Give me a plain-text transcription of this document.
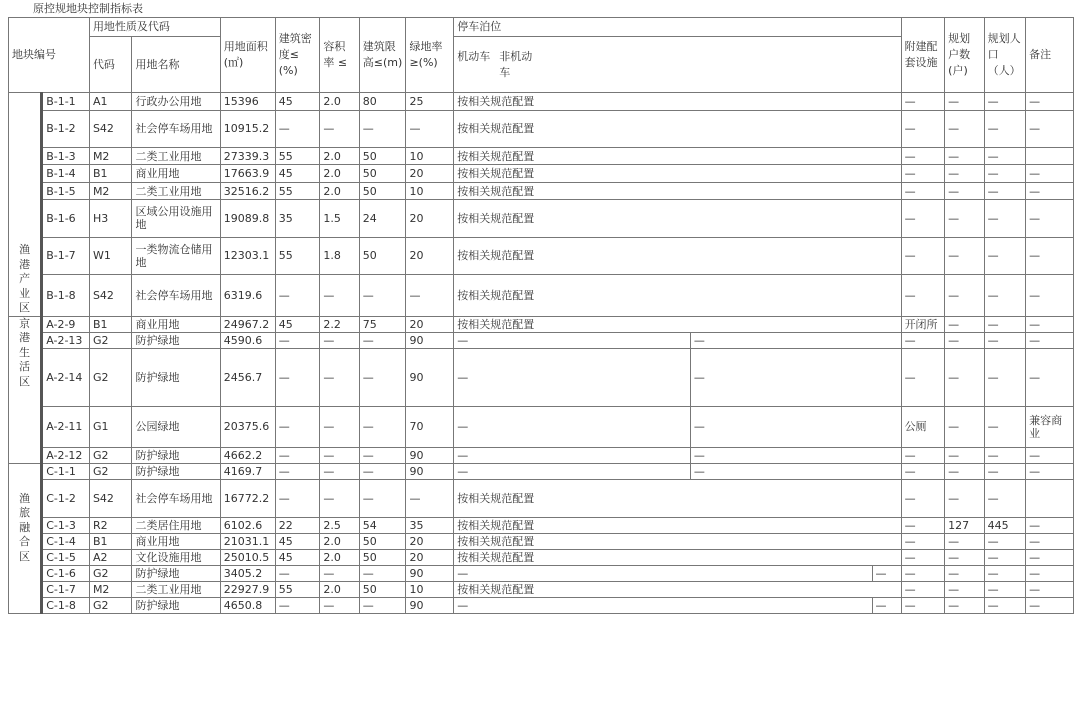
原控规地块控制指标表
地块编号		用地性质及代码		用地面积(㎡)	建筑密度≤(%)	容积率 ≤	建筑限高≤(m)	绿地率≥(%)	停车泊位			附建配套设施	规划户数(户)	规划人口（人）	备注
		代码	用地名称						机动车 非机动车						

渔港产业区	B-1-1	A1	行政办公用地	15396	45	2.0	80	25	按相关规范配置			—	—	—	—
	B-1-2	S42	社会停车场用地	10915.2	—	—	—	—	按相关规范配置			—	—	—	—
	B-1-3	M2	二类工业用地	27339.3	55	2.0	50	10	按相关规范配置			—	—	—	
	B-1-4	B1	商业用地	17663.9	45	2.0	50	20	按相关规范配置			—	—	—	—
	B-1-5	M2	二类工业用地	32516.2	55	2.0	50	10	按相关规范配置			—	—	—	—
	B-1-6	H3	区域公用设施用地	19089.8	35	1.5	24	20	按相关规范配置			—	—	—	—
	B-1-7	W1	一类物流仓储用地	12303.1	55	1.8	50	20	按相关规范配置			—	—	—	—
	B-1-8	S42	社会停车场用地	6319.6	—	—	—	—	按相关规范配置			—	—	—	—

京港生活区	A-2-9	B1	商业用地	24967.2	45	2.2	75	20	按相关规范配置			开闭所	—	—	—
	A-2-13	G2	防护绿地	4590.6	—	—	—	90	—	—		—	—	—	—
	A-2-14	G2	防护绿地	2456.7	—	—	—	90	—	—		—	—	—	—
	A-2-11	G1	公园绿地	20375.6	—	—	—	70	—	—		公厕	—	—	兼容商业
	A-2-12	G2	防护绿地	4662.2	—	—	—	90	—	—		—	—	—	—

渔旅融合区	C-1-1	G2	防护绿地	4169.7	—	—	—	90	—	—		—	—	—	—
	C-1-2	S42	社会停车场用地	16772.2	—	—	—	—	按相关规范配置			—	—	—	
	C-1-3	R2	二类居住用地	6102.6	22	2.5	54	35	按相关规范配置			—	127	445	—
	C-1-4	B1	商业用地	21031.1	45	2.0	50	20	按相关规范配置			—	—	—	—
	C-1-5	A2	文化设施用地	25010.5	45	2.0	50	20	按相关规范配置			—	—	—	—
	C-1-6	G2	防护绿地	3405.2	—	—	—	90	—		—	—	—	—	—
	C-1-7	M2	二类工业用地	22927.9	55	2.0	50	10	按相关规范配置			—	—	—	—
	C-1-8	G2	防护绿地	4650.8	—	—	—	90	—		—	—	—	—	—
